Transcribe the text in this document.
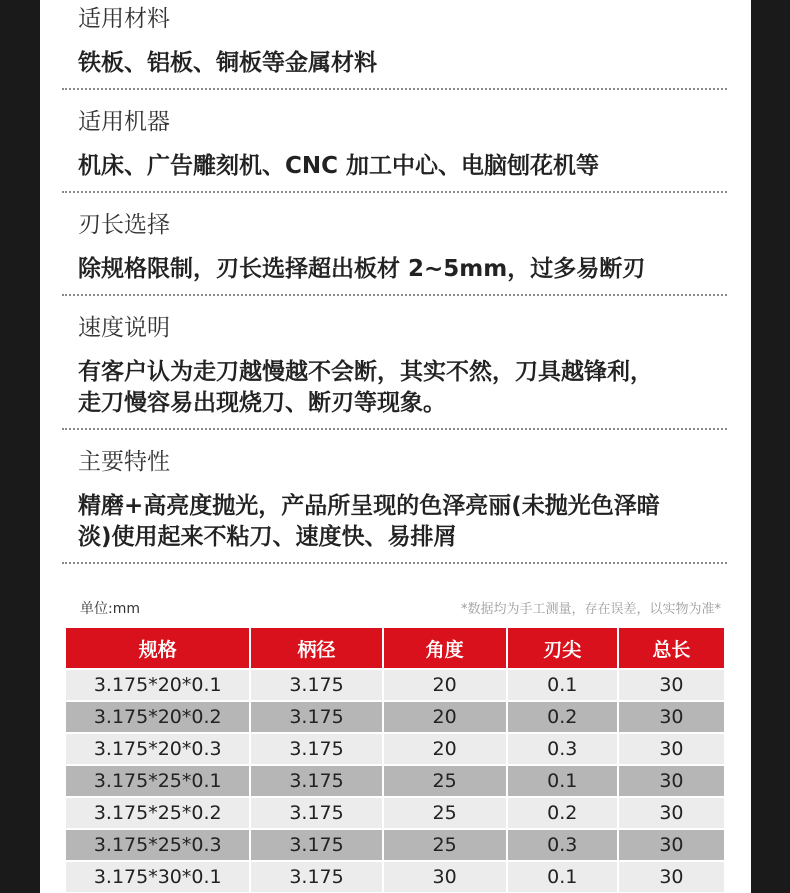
适用材料
铁板、铝板、铜板等金属材料
适用机器
机床、广告雕刻机、CNC 加工中心、电脑刨花机等
刃长选择
除规格限制，刃长选择超出板材 2~5mm，过多易断刃
速度说明
有客户认为走刀越慢越不会断，其实不然，刀具越锋利，
走刀慢容易出现烧刀、断刃等现象。
主要特性
精磨+高亮度抛光，产品所呈现的色泽亮丽(未抛光色泽暗
淡)使用起来不粘刀、速度快、易排屑
单位:mm	*数据均为手工测量，存在误差，以实物为准*
规格	柄径	角度	刃尖	总长
3.175*20*0.1	3.175	20	0.1	30
3.175*20*0.2	3.175	20	0.2	30
3.175*20*0.3	3.175	20	0.3	30
3.175*25*0.1	3.175	25	0.1	30
3.175*25*0.2	3.175	25	0.2	30
3.175*25*0.3	3.175	25	0.3	30
3.175*30*0.1	3.175	30	0.1	30
